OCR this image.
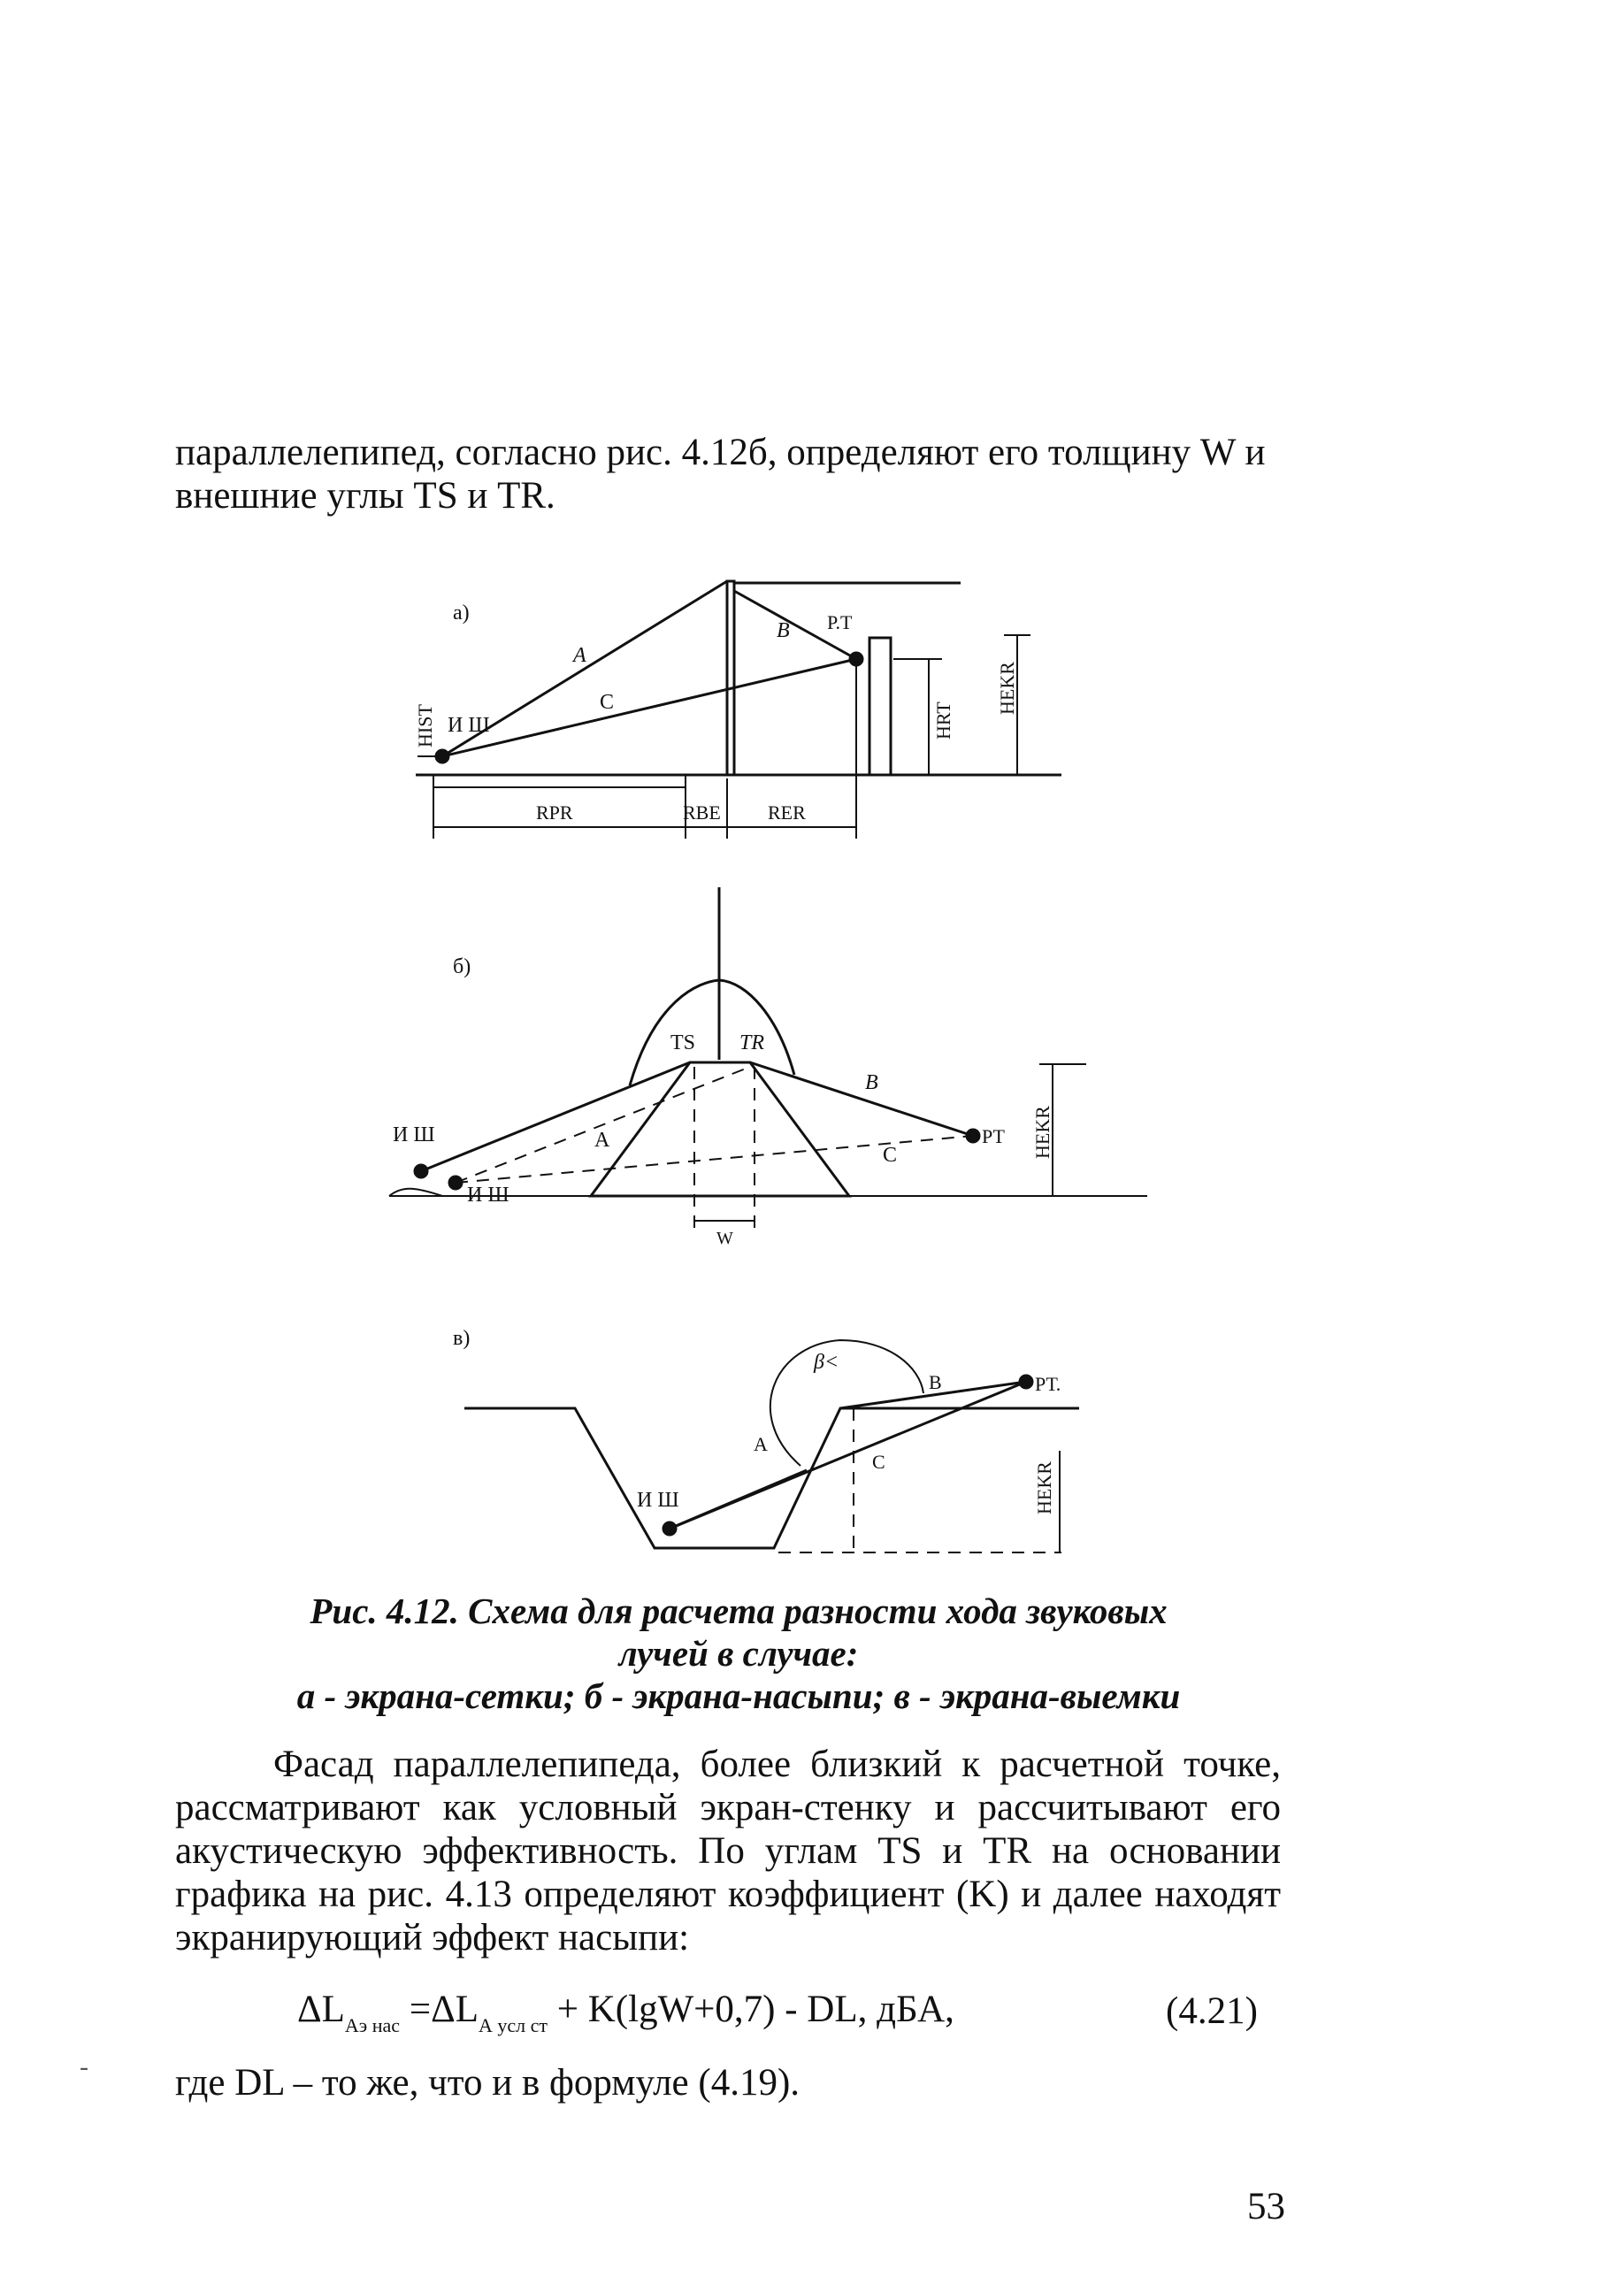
параллелепипед, согласно рис. 4.12б, определяют его толщину W и внешние углы TS и TR.

а)
И Ш
Р.Т
A
B
C
HIST	HRT
HEKR
RPR	RBE RER
б)
TS TR
B
A
C
И Ш
И Ш
РТ HEKR
W
в)
β<
B
A
C
И Ш
РТ.
HEKR

Рис. 4.12. Схема для расчета разности хода звуковых

лучей в случае:

а - экрана-сетки; б - экрана-насыпи; в - экрана-выемки

Фасад параллелепипеда, более близкий к расчетной точке, рассматривают как условный экран-стенку и рассчитывают его акустическую эффективность. По углам TS и TR на основании графика на рис. 4.13 определяют коэффициент (K) и далее находят экранирующий эффект насыпи:

$\Delta L_{Аэ нас} =\Delta L_{А усл ст} + K(\lg W+0,7)$ - DL, дБА,	(4.21)
- где DL – то же, что и в формуле (4.19).
53
